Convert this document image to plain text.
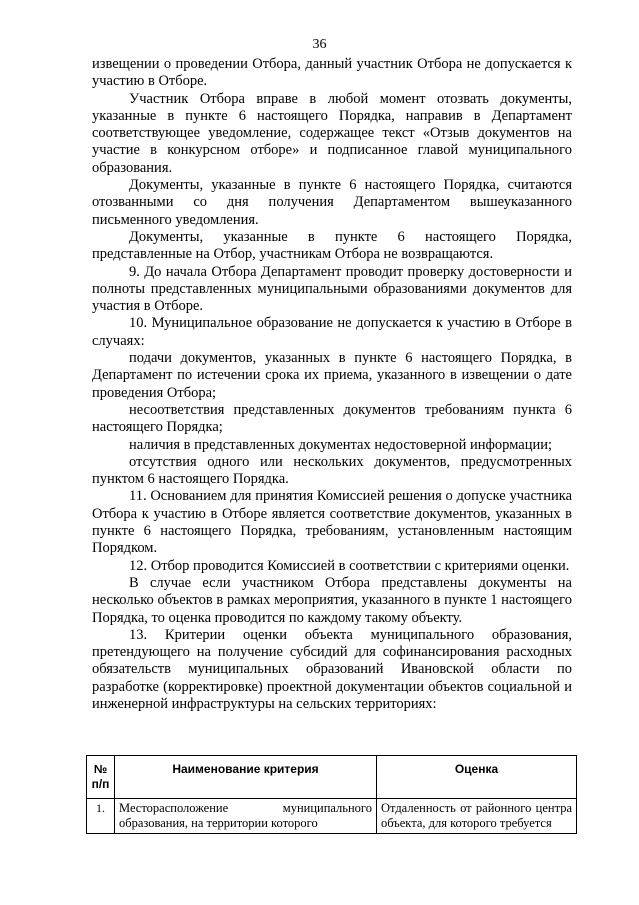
36

извещении о проведении Отбора, данный участник Отбора не допускается к участию в Отборе.

Участник Отбора вправе в любой момент отозвать документы, указанные в пункте 6 настоящего Порядка, направив в Департамент соответствующее уведомление, содержащее текст «Отзыв документов на участие в конкурсном отборе» и подписанное главой муниципального образования.

Документы, указанные в пункте 6 настоящего Порядка, считаются отозванными со дня получения Департаментом вышеуказанного письменного уведомления.

Документы, указанные в пункте 6 настоящего Порядка, представленные на Отбор, участникам Отбора не возвращаются.

9. До начала Отбора Департамент проводит проверку достоверности и полноты представленных муниципальными образованиями документов для участия в Отборе.

10. Муниципальное образование не допускается к участию в Отборе в случаях:

подачи документов, указанных в пункте 6 настоящего Порядка, в Департамент по истечении срока их приема, указанного в извещении о дате проведения Отбора;

несоответствия представленных документов требованиям пункта 6 настоящего Порядка;

наличия в представленных документах недостоверной информации;

отсутствия одного или нескольких документов, предусмотренных пунктом 6 настоящего Порядка.

11. Основанием для принятия Комиссией решения о допуске участника Отбора к участию в Отборе является соответствие документов, указанных в пункте 6 настоящего Порядка, требованиям, установленным настоящим Порядком.

12. Отбор проводится Комиссией в соответствии с критериями оценки.

В случае если участником Отбора представлены документы на несколько объектов в рамках мероприятия, указанного в пункте 1 настоящего Порядка, то оценка проводится по каждому такому объекту.

13. Критерии оценки объекта муниципального образования, претендующего на получение субсидий для софинансирования расходных обязательств муниципальных образований Ивановской области по разработке (корректировке) проектной документации объектов социальной и инженерной инфраструктуры на сельских территориях:

№ п/п	Наименование критерия	Оценка
1.	Месторасположение муниципального образования, на территории которого	Отдаленность от районного центра объекта, для которого требуется
